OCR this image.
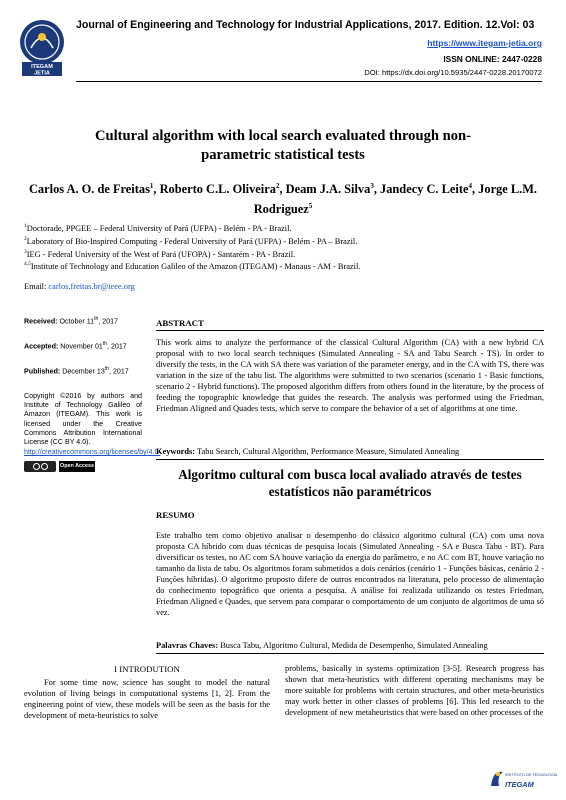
ITEGAM
JETIA
Journal of Engineering and Technology for Industrial Applications, 2017. Edition. 12.Vol: 03
https://www.itegam-jetia.org
ISSN ONLINE: 2447-0228
DOI: https://dx.doi.org/10.5935/2447-0228.20170072
Cultural algorithm with local search evaluated through non-parametric statistical tests
Carlos A. O. de Freitas$^1$, Roberto C.L. Oliveira$^2$, Deam J.A. Silva$^3$, Jandecy C. Leite$^4$, Jorge L.M. Rodriguez$^5$
$^1$Doctorade, PPGEE – Federal University of Pará (UFPA) - Belém - PA - Brazil.
$^2$Laboratory of Bio-Inspired Computing - Federal University of Pará (UFPA) - Belém - PA – Brazil.
$^3$IEG - Federal University of the West of Pará (UFOPA) - Santarém - PA - Brazil.
$^{4,5}$Institute of Technology and Education Galileo of the Amazon (ITEGAM) - Manaus - AM - Brazil.
Email: carlos.freitas.br@ieee.org
Received: October 11th, 2017
Accepted: November 01th, 2017
Published: December 13th, 2017
Copyright ©2016 by authors and Institute of Technology Galileo of Amazon (ITEGAM). This work is licensed under the Creative Commons Attribution International License (CC BY 4.0).
http://creativecommons.org/licenses/by/4.0/
Open Access
ABSTRACT
This work aims to analyze the performance of the classical Cultural Algorithm (CA) with a new hybrid CA proposal with to two local search techniques (Simulated Annealing - SA and Tabu Search - TS). In order to diversify the tests, in the CA with SA there was variation of the parameter energy, and in the CA with TS, there was variation in the size of the tabu list. The algorithms were submitted to two scenarios (scenario 1 - Basic functions, scenario 2 - Hybrid functions). The proposed algorithm differs from others found in the literature, by the process of feeding the topographic knowledge that guides the research. The analysis was performed using the Friedman, Friedman Aligned and Quades tests, which serve to compare the behavior of a set of algorithms at one time.
Keywords: Tabu Search, Cultural Algorithm, Performance Measure, Simulated Annealing
Algoritmo cultural com busca local avaliado através de testes estatísticos não paramétricos
RESUMO
Este trabalho tem como objetivo analisar o desempenho do clássico algoritmo cultural (CA) com uma nova proposta CA híbrido com duas técnicas de pesquisa locais (Simulated Annealing - SA e Busca Tabu - BT). Para diversificar os testes, no AC com SA houve variação da energia do parâmetro, e no AC com BT, houve variação no tamanho da lista de tabu. Os algoritmos foram submetidos a dois cenários (cenário 1 - Funções básicas, cenário 2 - Funções híbridas). O algoritmo proposto difere de outros encontrados na literatura, pelo processo de alimentação do conhecimento topográfico que orienta a pesquisa. A análise foi realizada utilizando os testes Friedman, Friedman Aligned e Quades, que servem para comparar o comportamento de um conjunto de algoritmos de uma só vez.
Palavras Chaves: Busca Tabu, Algoritmo Cultural, Medida de Desempenho, Simulated Annealing
I INTRODUTION
For some time now, science has sought to model the natural evolution of living beings in computational systems [1, 2]. From the engineering point of view, these models will be seen as the basis for the development of meta-heuristics to solve
problems, basically in systems optimization [3-5]. Research progress has shown that meta-heuristics with different operating mechanisms may be more suitable for problems with certain structures, and other meta-heuristics may work better in other classes of problems [6]. This led research to the development of new metaheuristics that were based on other processes of the
INSTITUTO DE TECNOLOGIA
ITEGAM
